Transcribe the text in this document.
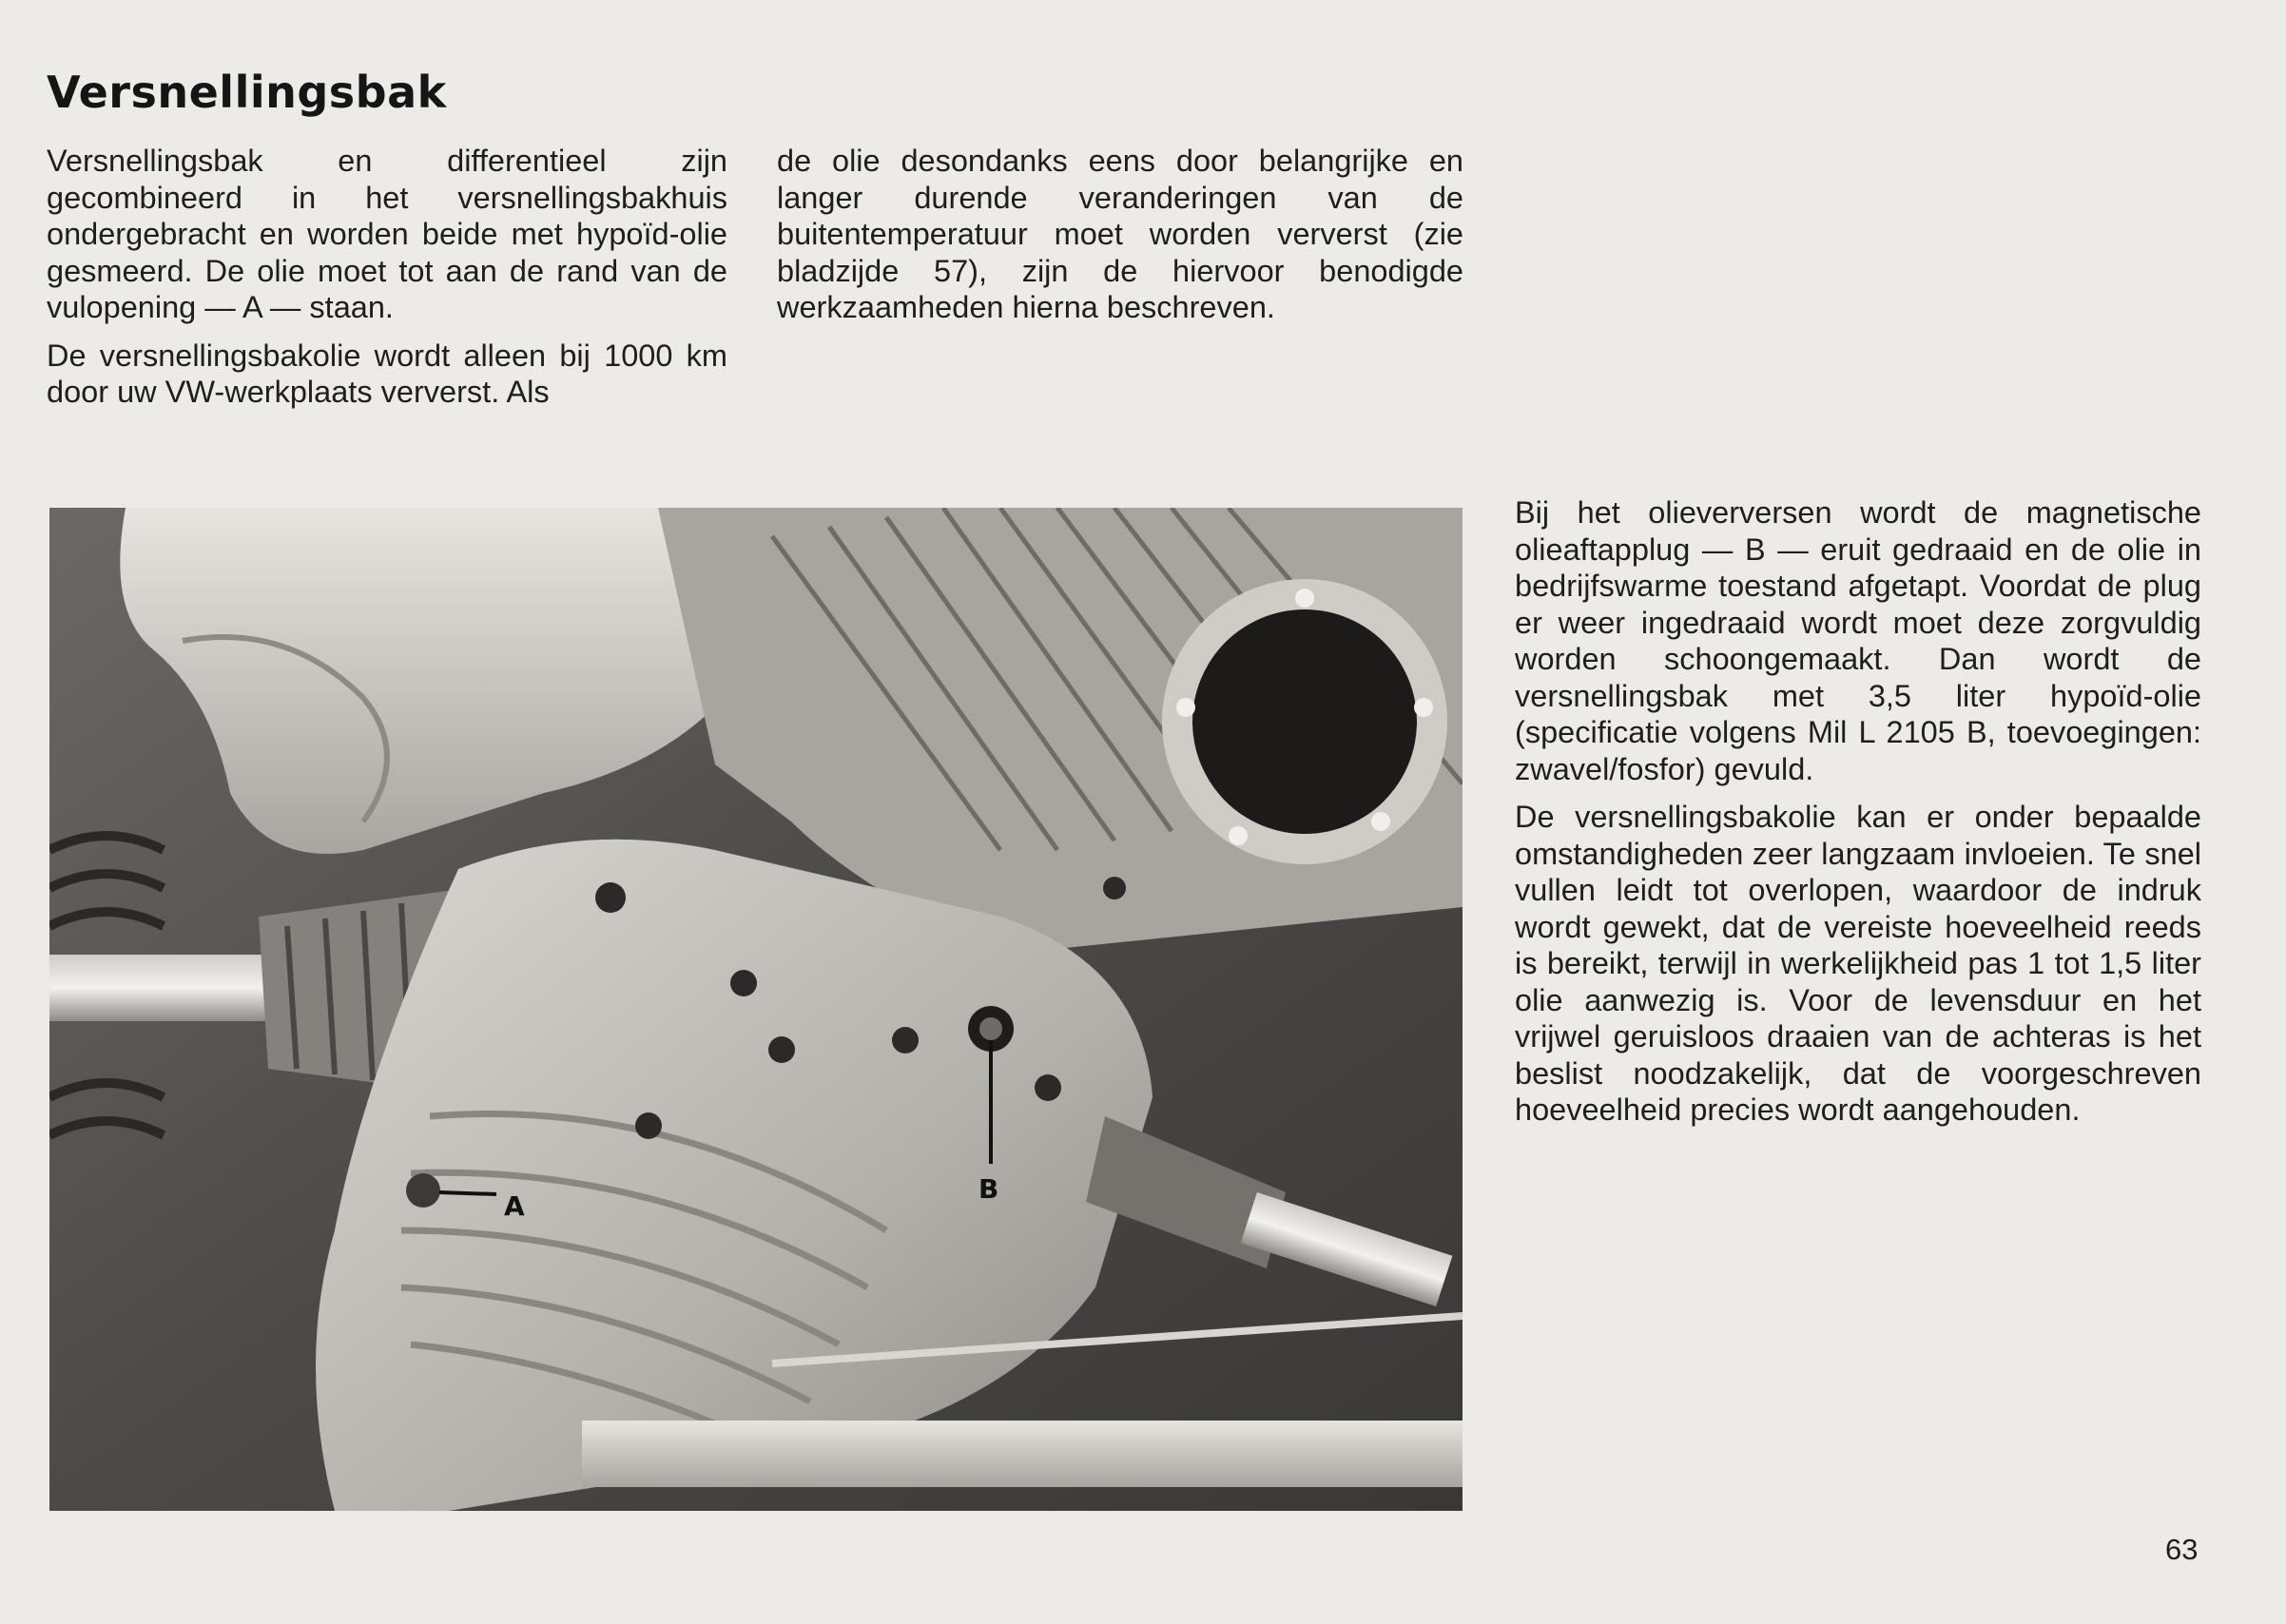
Versnellingsbak

Versnellingsbak en differentieel zijn gecombineerd in het versnellingsbakhuis ondergebracht en worden beide met hypoïd-olie gesmeerd. De olie moet tot aan de rand van de vulopening — A — staan.

De versnellingsbakolie wordt alleen bij 1000 km door uw VW-werkplaats ververst. Als

de olie desondanks eens door belangrijke en langer durende veranderingen van de buitentemperatuur moet worden ververst (zie bladzijde 57), zijn de hiervoor benodigde werkzaamheden hierna beschreven.

A
B

Bij het olieverversen wordt de magnetische olieaftapplug — B — eruit gedraaid en de olie in bedrijfswarme toestand afgetapt. Voordat de plug er weer ingedraaid wordt moet deze zorgvuldig worden schoongemaakt. Dan wordt de versnellingsbak met 3,5 liter hypoïd-olie (specificatie volgens Mil L 2105 B, toevoegingen: zwavel/fosfor) gevuld.

De versnellingsbakolie kan er onder bepaalde omstandigheden zeer langzaam invloeien. Te snel vullen leidt tot overlopen, waardoor de indruk wordt gewekt, dat de vereiste hoeveelheid reeds is bereikt, terwijl in werkelijkheid pas 1 tot 1,5 liter olie aanwezig is. Voor de levensduur en het vrijwel geruisloos draaien van de achteras is het beslist noodzakelijk, dat de voorgeschreven hoeveelheid precies wordt aangehouden.

63
